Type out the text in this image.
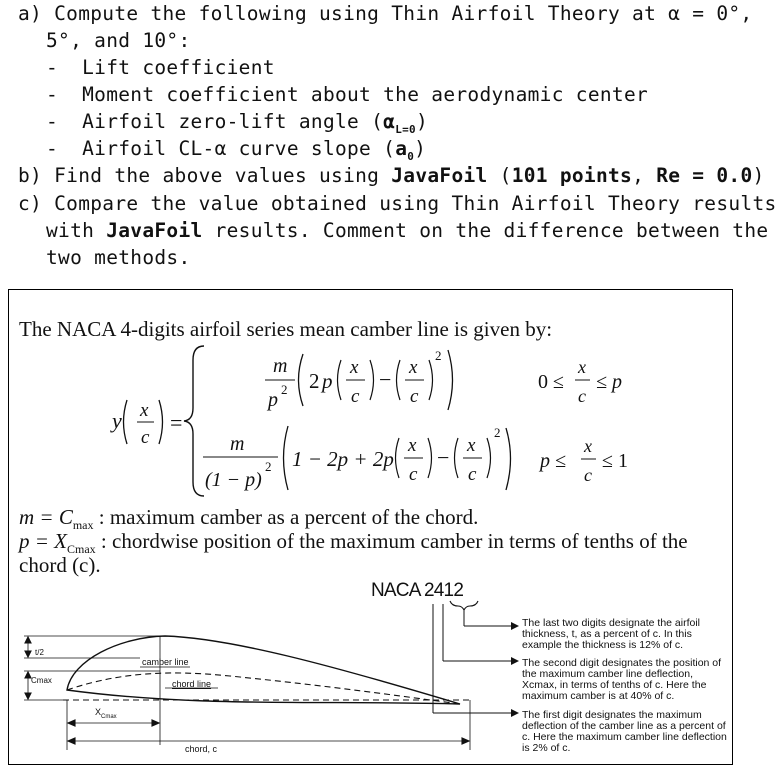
a) Compute the following using Thin Airfoil Theory at α = 0°,
5°, and 10°:
- Lift coefficient
- Moment coefficient about the aerodynamic center
- Airfoil zero-lift angle $(\alpha_{L=0})$
- Airfoil CL-α curve slope $(a_0)$
b) Find the above values using JavaFoil (101 points, Re = 0.0)
c) Compare the value obtained using Thin Airfoil Theory results
with JavaFoil results. Comment on the difference between the
two methods.
The NACA 4-digits airfoil series mean camber line is given by:
y x
c
=
m
p 2 2 p
x
c
− x
c
2
0 ≤
x
c
≤ p
m
(1 − p)
2 1 − 2p + 2p
x
c
− x
c
2
p ≤
x
c
≤ 1
t/2
Cmax
camber line
chord line
$X_{Cmax}$
chord, c
$m = C_{max}$ : maximum camber as a percent of the chord.
$p = X_{Cmax}$ : chordwise position of the maximum camber in terms of tenths of the
chord (c).
NACA 2412
The last two digits designate the airfoil thickness, t, as a percent of c. In this example the thickness is 12% of c.
The second digit designates the position of the maximum camber line deflection, Xcmax, in terms of tenths of c. Here the maximum camber is at 40% of c.
The first digit designates the maximum deflection of the camber line as a percent of c. Here the maximum camber line deflection is 2% of c.
